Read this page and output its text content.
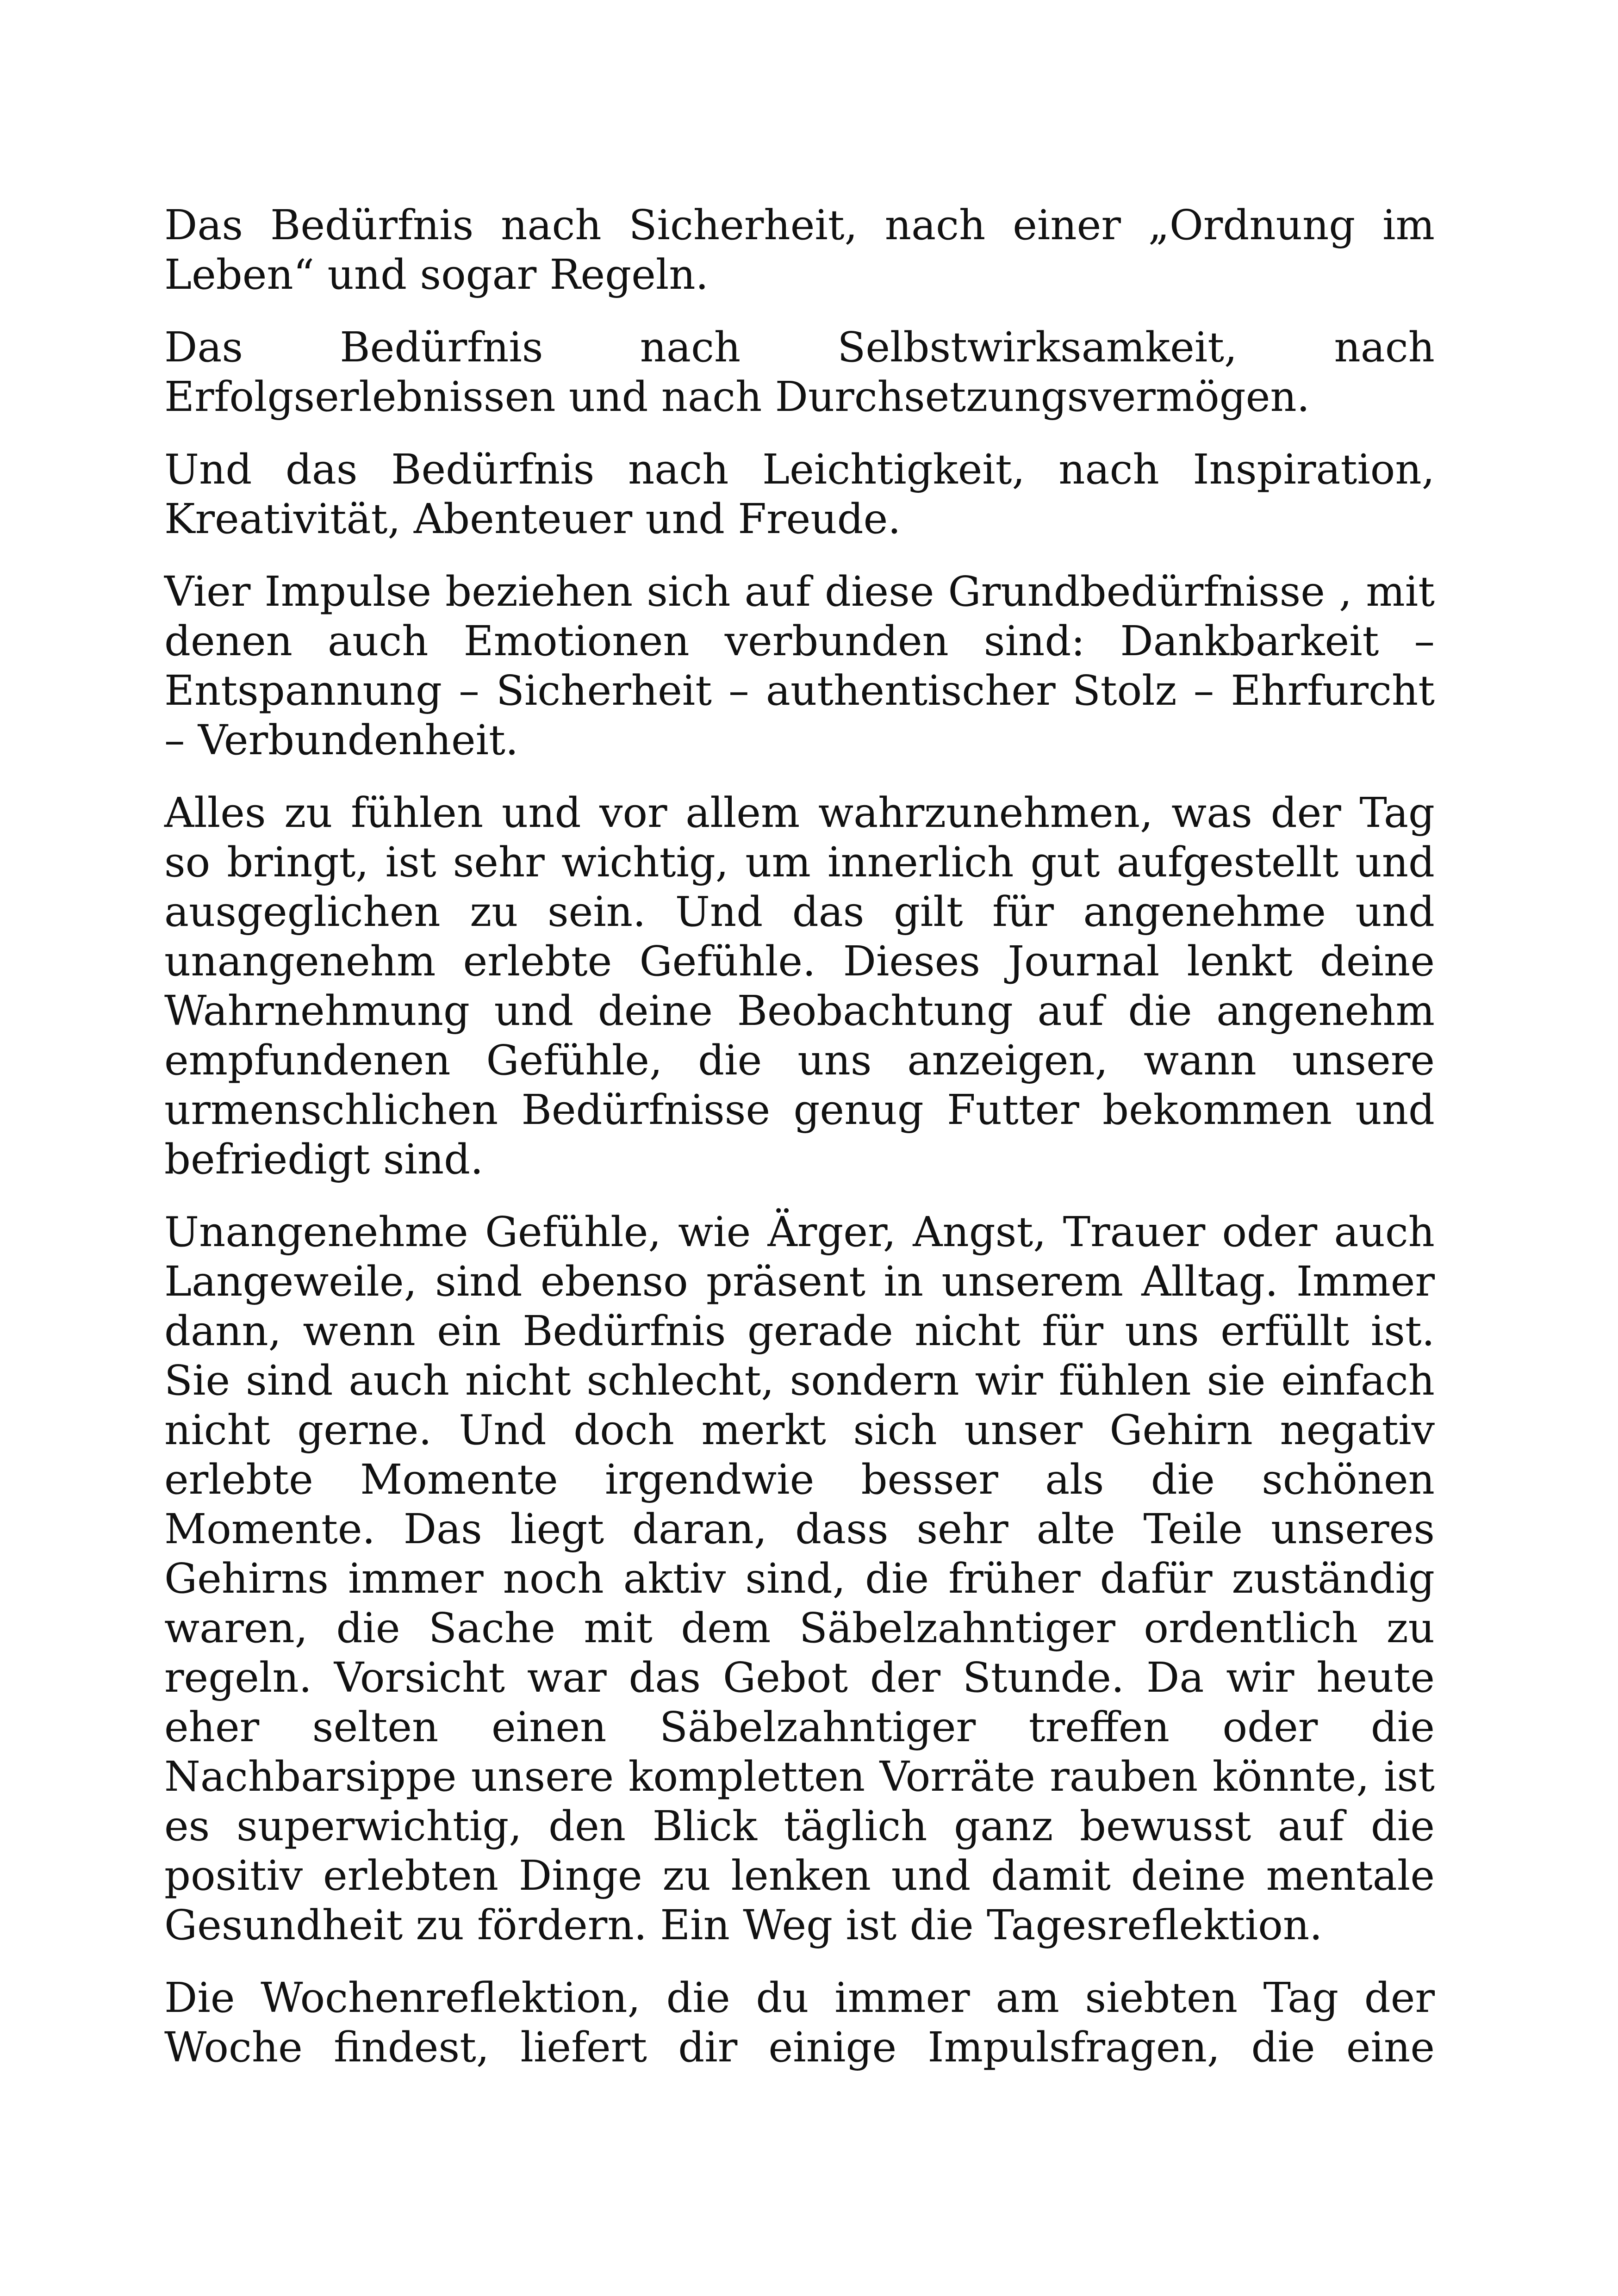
Das Bedürfnis nach Sicherheit, nach einer „Ordnung im Leben“ und sogar Regeln.

Das Bedürfnis nach Selbstwirksamkeit, nach Erfolgserlebnissen und nach Durchsetzungsvermögen.

Und das Bedürfnis nach Leichtigkeit, nach Inspiration, Kreativität, Abenteuer und Freude.

Vier Impulse beziehen sich auf diese Grundbedürfnisse , mit denen auch Emotionen verbunden sind: Dankbarkeit – Entspannung – Sicherheit – authentischer Stolz – Ehrfurcht – Verbundenheit.

Alles zu fühlen und vor allem wahrzunehmen, was der Tag so bringt, ist sehr wichtig, um innerlich gut aufgestellt und ausgeglichen zu sein. Und das gilt für angenehme und unangenehm erlebte Gefühle. Dieses Journal lenkt deine Wahrnehmung und deine Beobachtung auf die angenehm empfundenen Gefühle, die uns anzeigen, wann unsere urmenschlichen Bedürfnisse genug Futter bekommen und befriedigt sind.

Unangenehme Gefühle, wie Ärger, Angst, Trauer oder auch Langeweile, sind ebenso präsent in unserem Alltag. Immer dann, wenn ein Bedürfnis gerade nicht für uns erfüllt ist. Sie sind auch nicht schlecht, sondern wir fühlen sie einfach nicht gerne. Und doch merkt sich unser Gehirn negativ erlebte Momente irgendwie besser als die schönen Momente. Das liegt daran, dass sehr alte Teile unseres Gehirns immer noch aktiv sind, die früher dafür zuständig waren, die Sache mit dem Säbelzahntiger ordentlich zu regeln. Vorsicht war das Gebot der Stunde. Da wir heute eher selten einen Säbelzahntiger treffen oder die Nachbarsippe unsere kompletten Vorräte rauben könnte, ist es superwichtig, den Blick täglich ganz bewusst auf die positiv erlebten Dinge zu lenken und damit deine mentale Gesundheit zu fördern. Ein Weg ist die Tagesreflektion.

Die Wochenreflektion, die du immer am siebten Tag der Woche findest, liefert dir einige Impulsfragen, die eine
